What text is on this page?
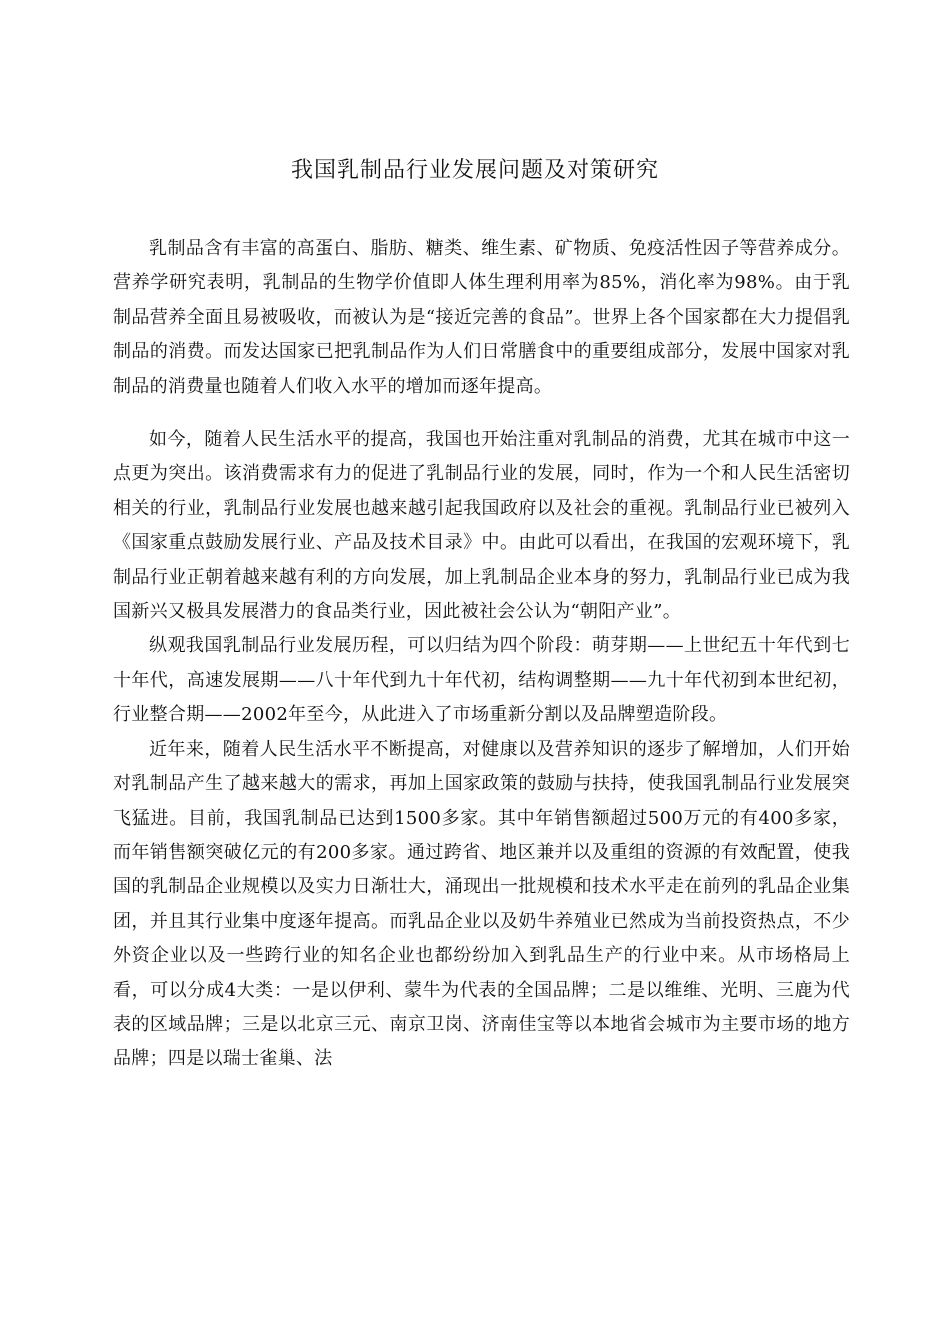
我国乳制品行业发展问题及对策研究

乳制品含有丰富的高蛋白、脂肪、糖类、维生素、矿物质、免疫活性因子等营养成分。营养学研究表明，乳制品的生物学价值即人体生理利用率为85%，消化率为98%。由于乳制品营养全面且易被吸收，而被认为是“接近完善的食品”。世界上各个国家都在大力提倡乳制品的消费。而发达国家已把乳制品作为人们日常膳食中的重要组成部分，发展中国家对乳制品的消费量也随着人们收入水平的增加而逐年提高。

如今，随着人民生活水平的提高，我国也开始注重对乳制品的消费，尤其在城市中这一点更为突出。该消费需求有力的促进了乳制品行业的发展，同时，作为一个和人民生活密切相关的行业，乳制品行业发展也越来越引起我国政府以及社会的重视。乳制品行业已被列入《国家重点鼓励发展行业、产品及技术目录》中。由此可以看出，在我国的宏观环境下，乳制品行业正朝着越来越有利的方向发展，加上乳制品企业本身的努力，乳制品行业已成为我国新兴又极具发展潜力的食品类行业，因此被社会公认为“朝阳产业”。

纵观我国乳制品行业发展历程，可以归结为四个阶段：萌芽期——上世纪五十年代到七十年代，高速发展期——八十年代到九十年代初，结构调整期——九十年代初到本世纪初，行业整合期——2002年至今，从此进入了市场重新分割以及品牌塑造阶段。

近年来，随着人民生活水平不断提高，对健康以及营养知识的逐步了解增加，人们开始对乳制品产生了越来越大的需求，再加上国家政策的鼓励与扶持，使我国乳制品行业发展突飞猛进。目前，我国乳制品已达到1500多家。其中年销售额超过500万元的有400多家，而年销售额突破亿元的有200多家。通过跨省、地区兼并以及重组的资源的有效配置，使我国的乳制品企业规模以及实力日渐壮大，涌现出一批规模和技术水平走在前列的乳品企业集团，并且其行业集中度逐年提高。而乳品企业以及奶牛养殖业已然成为当前投资热点，不少外资企业以及一些跨行业的知名企业也都纷纷加入到乳品生产的行业中来。从市场格局上看，可以分成4大类：一是以伊利、蒙牛为代表的全国品牌；二是以维维、光明、三鹿为代表的区域品牌；三是以北京三元、南京卫岗、济南佳宝等以本地省会城市为主要市场的地方品牌；四是以瑞士雀巢、法
